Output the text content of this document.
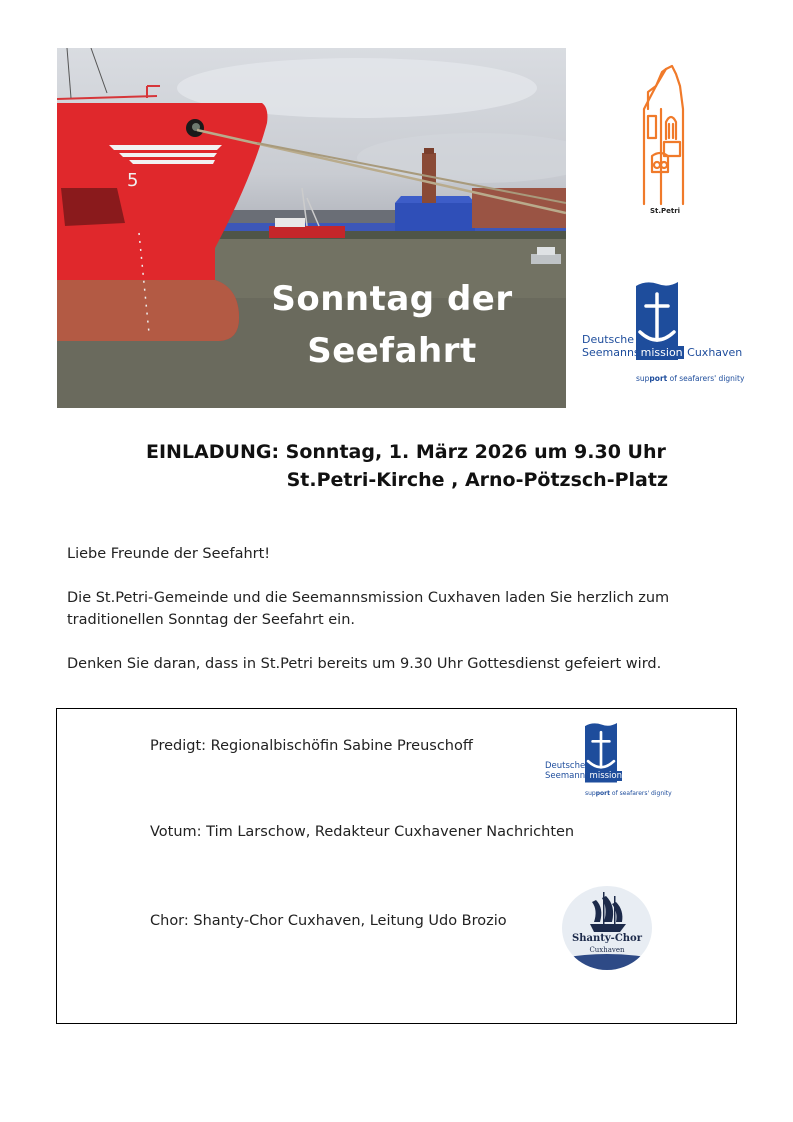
5
Sonntag der
Seefahrt
St.Petri
Deutsche
Seemannsmission Cuxhaven
support of seafarers' dignity
EINLADUNG: Sonntag, 1. März 2026 um 9.30 Uhr
St.Petri-Kirche , Arno-Pötzsch-Platz

Liebe Freunde der Seefahrt!

Die St.Petri-Gemeinde und die Seemannsmission Cuxhaven laden Sie herzlich zum traditionellen Sonntag der Seefahrt ein.

Denken Sie daran, dass in St.Petri bereits um 9.30 Uhr Gottesdienst gefeiert wird.

Predigt: Regionalbischöfin Sabine Preuschoff
Votum: Tim Larschow, Redakteur Cuxhavener Nachrichten
Chor: Shanty-Chor Cuxhaven, Leitung Udo Brozio
Deutsche
Seemannsmission
support of seafarers' dignity
Shanty-Chor
Cuxhaven
